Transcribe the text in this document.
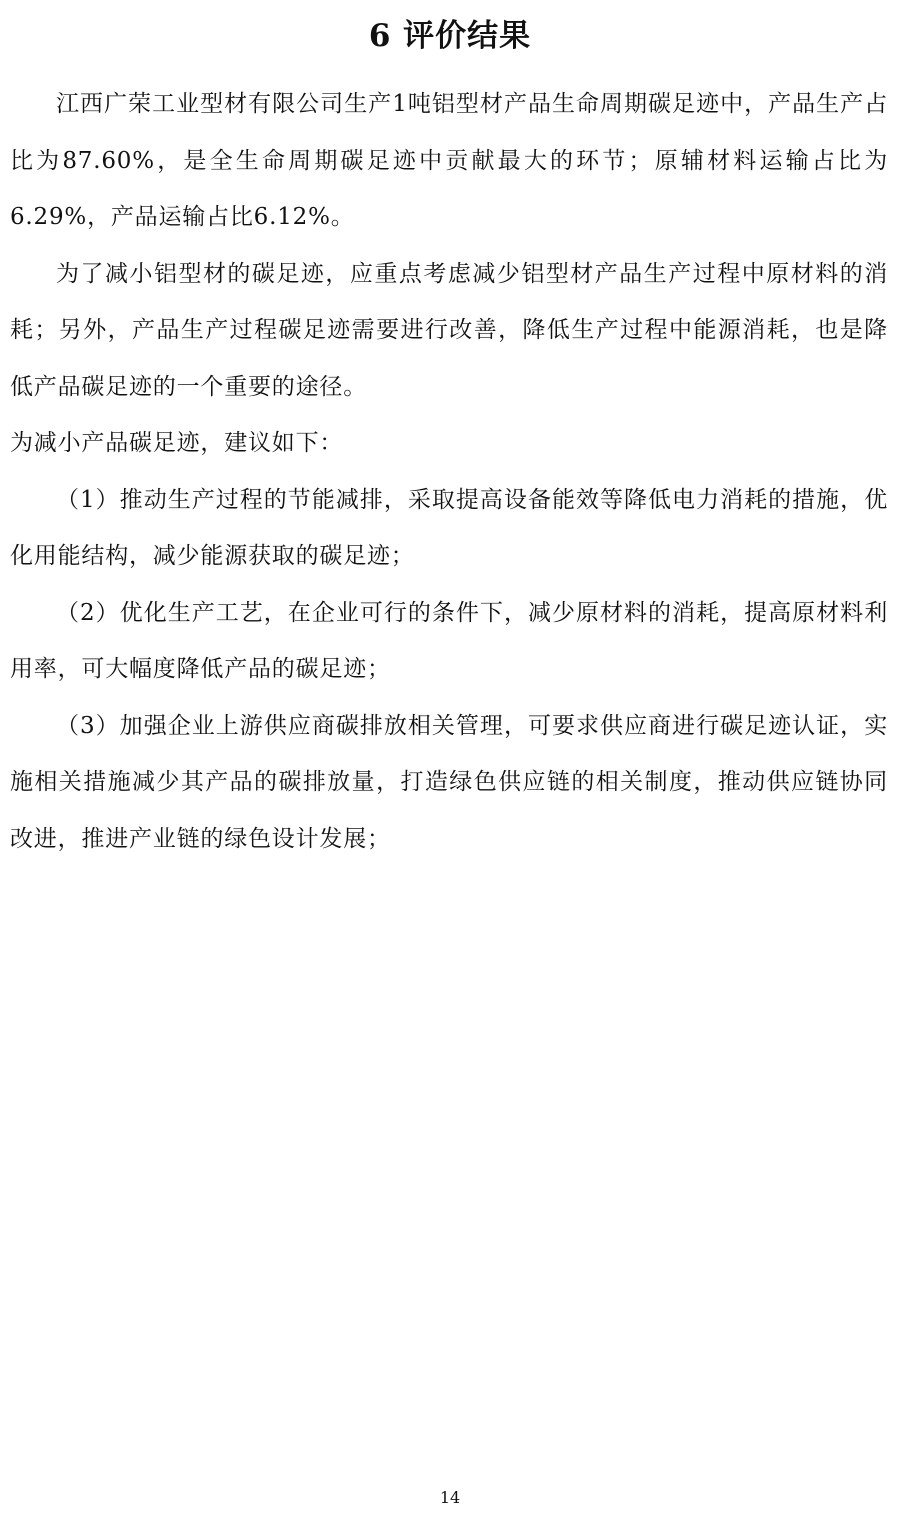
6 评价结果

江西广荣工业型材有限公司生产1吨铝型材产品生命周期碳足迹中，产品生产占比为87.60%，是全生命周期碳足迹中贡献最大的环节；原辅材料运输占比为6.29%，产品运输占比6.12%。

为了减小铝型材的碳足迹，应重点考虑减少铝型材产品生产过程中原材料的消耗；另外，产品生产过程碳足迹需要进行改善，降低生产过程中能源消耗，也是降低产品碳足迹的一个重要的途径。

为减小产品碳足迹，建议如下：

（1）推动生产过程的节能减排，采取提高设备能效等降低电力消耗的措施，优化用能结构，减少能源获取的碳足迹；

（2）优化生产工艺，在企业可行的条件下，减少原材料的消耗，提高原材料利用率，可大幅度降低产品的碳足迹；

（3）加强企业上游供应商碳排放相关管理，可要求供应商进行碳足迹认证，实施相关措施减少其产品的碳排放量，打造绿色供应链的相关制度，推动供应链协同改进，推进产业链的绿色设计发展；

14
